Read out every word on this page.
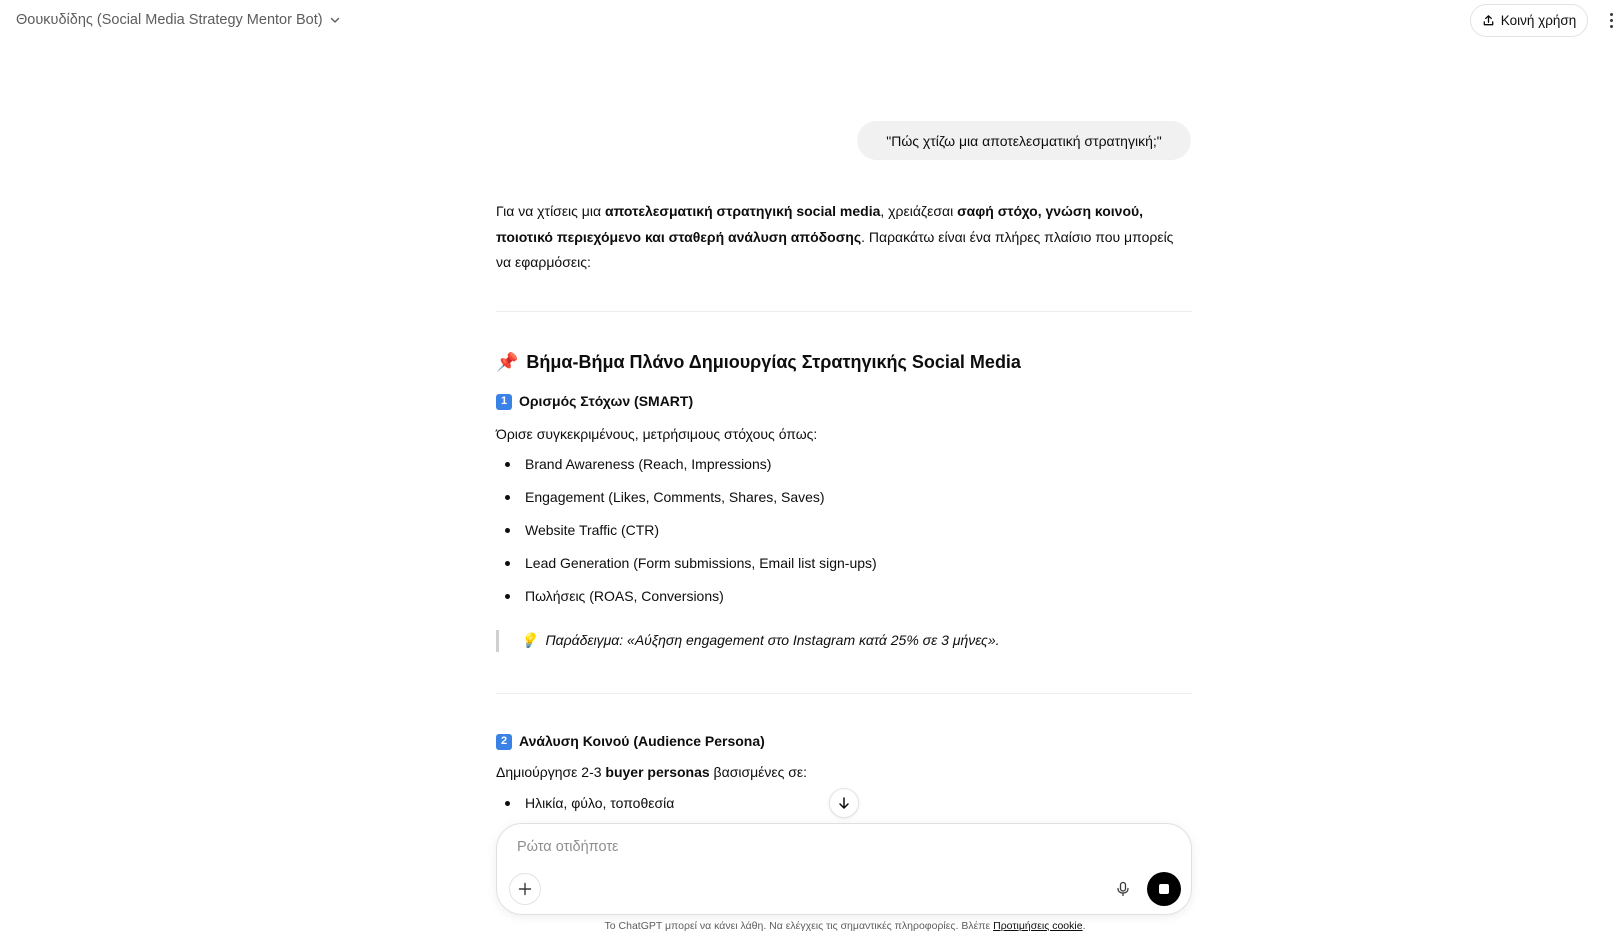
Θουκυδίδης (Social Media Strategy Mentor Bot)	Κοινή χρήση
"Πώς χτίζω μια αποτελεσματική στρατηγική;"
Για να χτίσεις μια αποτελεσματική στρατηγική social media, χρειάζεσαι σαφή στόχο, γνώση κοινού,
ποιοτικό περιεχόμενο και σταθερή ανάλυση απόδοσης. Παρακάτω είναι ένα πλήρες πλαίσιο που μπορείς να εφαρμόσεις:
📌 Βήμα-Βήμα Πλάνο Δημιουργίας Στρατηγικής Social Media
1 Ορισμός Στόχων (SMART)
Όρισε συγκεκριμένους, μετρήσιμους στόχους όπως:
Brand Awareness (Reach, Impressions)
Engagement (Likes, Comments, Shares, Saves)
Website Traffic (CTR)
Lead Generation (Form submissions, Email list sign-ups)
Πωλήσεις (ROAS, Conversions)
💡 Παράδειγμα: «Αύξηση engagement στο Instagram κατά 25% σε 3 μήνες».
2 Ανάλυση Κοινού (Audience Persona)
Δημιούργησε 2-3 buyer personas βασισμένες σε:
Ηλικία, φύλο, τοποθεσία
Ρώτα οτιδήποτε
Το ChatGPT μπορεί να κάνει λάθη. Να ελέγχεις τις σημαντικές πληροφορίες. Βλέπε Προτιμήσεις cookie.
